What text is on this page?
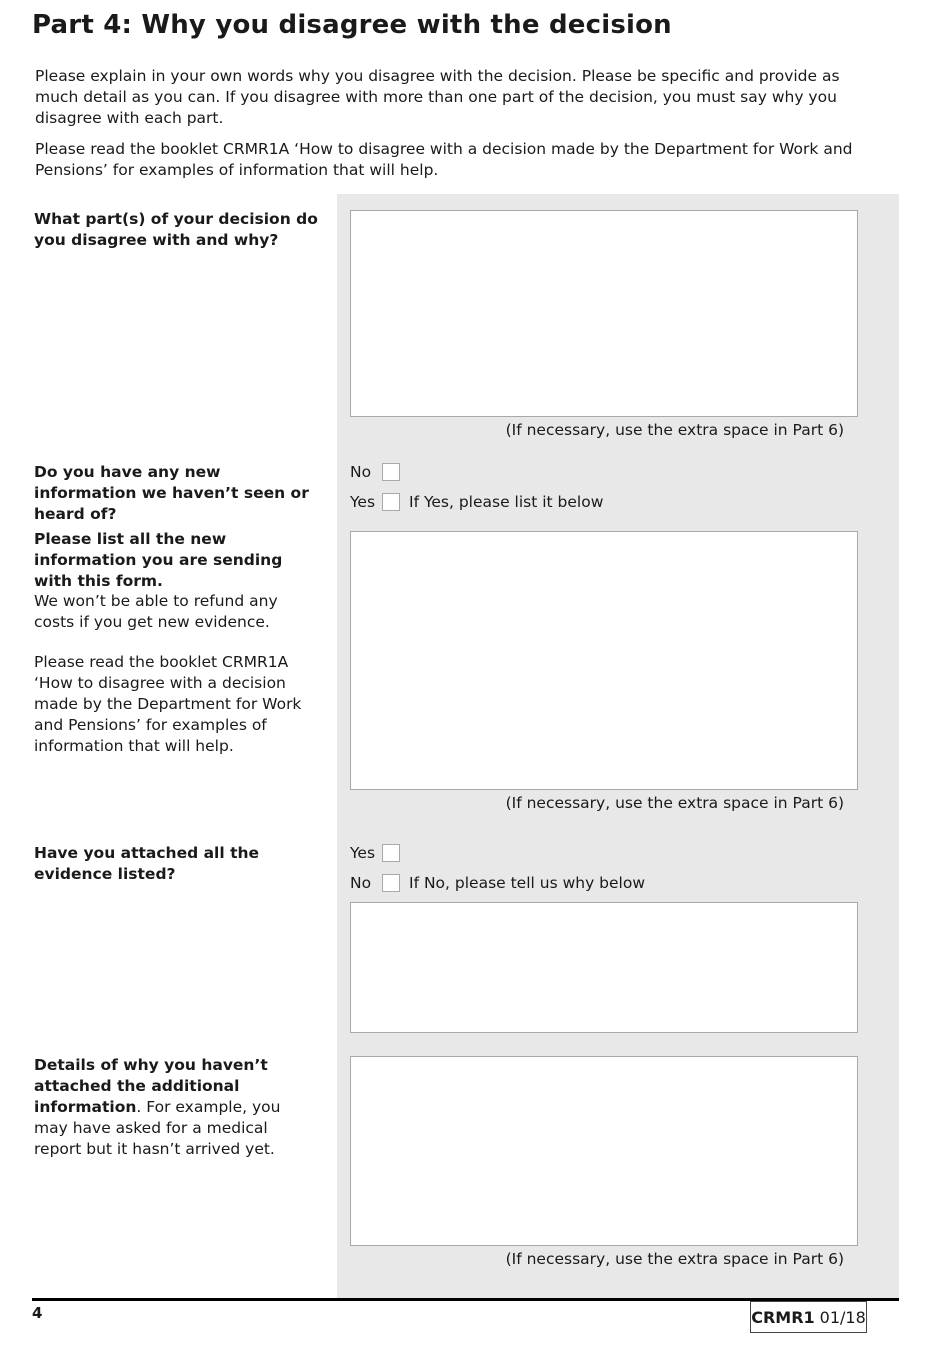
Part 4: Why you disagree with the decision

Please explain in your own words why you disagree with the decision. Please be specific and provide as much detail as you can. If you disagree with more than one part of the decision, you must say why you disagree with each part.

Please read the booklet CRMR1A ‘How to disagree with a decision made by the Department for Work and Pensions’ for examples of information that will help.

What part(s) of your decision do you disagree with and why?

(If necessary, use the extra space in Part 6)

Do you have any new information we haven’t seen or heard of?

No
Yes	If Yes, please list it below

Please list all the new information you are sending with this form.

We won’t be able to refund any costs if you get new evidence.

Please read the booklet CRMR1A ‘How to disagree with a decision made by the Department for Work and Pensions’ for examples of information that will help.

(If necessary, use the extra space in Part 6)

Have you attached all the evidence listed?

Yes
No	If No, please tell us why below

Details of why you haven’t attached the additional information. For example, you may have asked for a medical report but it hasn’t arrived yet.

(If necessary, use the extra space in Part 6)
4	CRMR1 01/18
